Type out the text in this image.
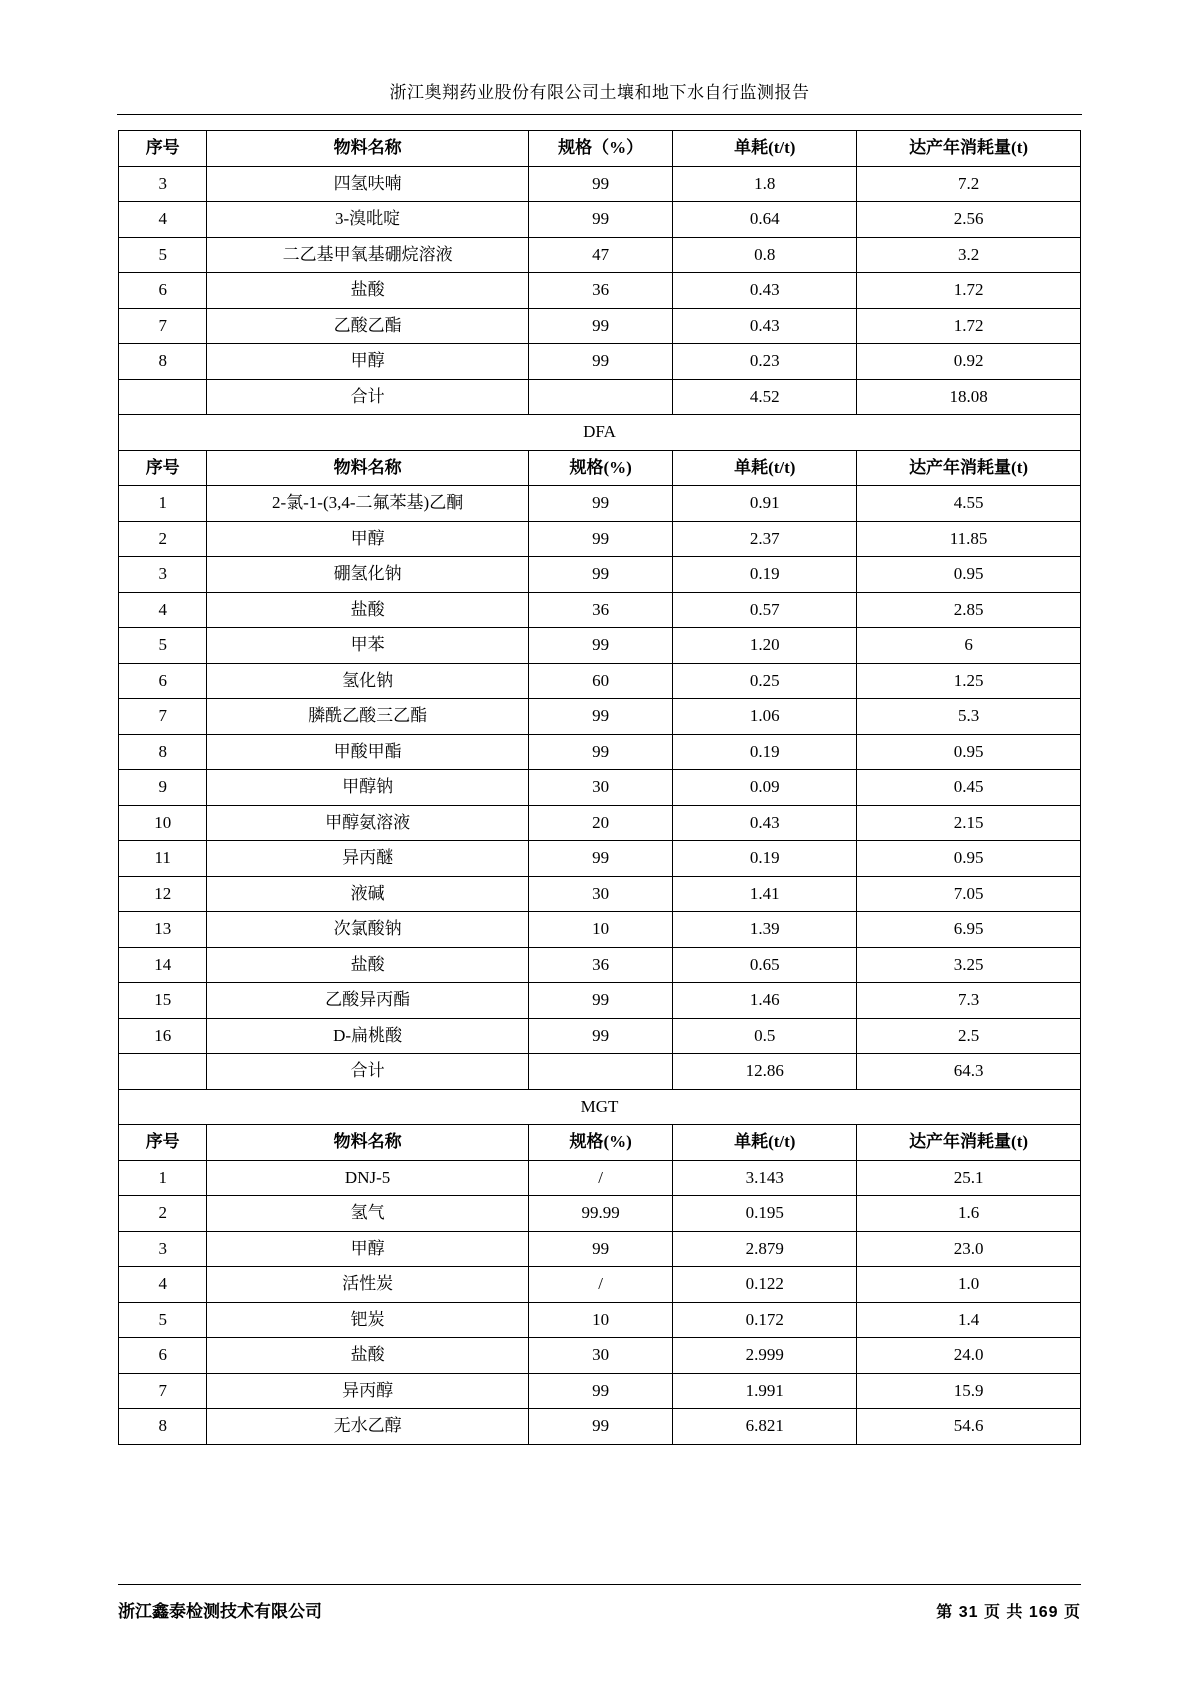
浙江奥翔药业股份有限公司土壤和地下水自行监测报告
序号	物料名称	规格（%）	单耗(t/t)	达产年消耗量(t)
3	四氢呋喃	99	1.8	7.2
4	3-溴吡啶	99	0.64	2.56
5	二乙基甲氧基硼烷溶液	47	0.8	3.2
6	盐酸	36	0.43	1.72
7	乙酸乙酯	99	0.43	1.72
8	甲醇	99	0.23	0.92
	合计		4.52	18.08
DFA				
序号	物料名称	规格(%)	单耗(t/t)	达产年消耗量(t)
1	2-氯-1-(3,4-二氟苯基)乙酮	99	0.91	4.55
2	甲醇	99	2.37	11.85
3	硼氢化钠	99	0.19	0.95
4	盐酸	36	0.57	2.85
5	甲苯	99	1.20	6
6	氢化钠	60	0.25	1.25
7	膦酰乙酸三乙酯	99	1.06	5.3
8	甲酸甲酯	99	0.19	0.95
9	甲醇钠	30	0.09	0.45
10	甲醇氨溶液	20	0.43	2.15
11	异丙醚	99	0.19	0.95
12	液碱	30	1.41	7.05
13	次氯酸钠	10	1.39	6.95
14	盐酸	36	0.65	3.25
15	乙酸异丙酯	99	1.46	7.3
16	D-扁桃酸	99	0.5	2.5
	合计		12.86	64.3
MGT				
序号	物料名称	规格(%)	单耗(t/t)	达产年消耗量(t)
1	DNJ-5	/	3.143	25.1
2	氢气	99.99	0.195	1.6
3	甲醇	99	2.879	23.0
4	活性炭	/	0.122	1.0
5	钯炭	10	0.172	1.4
6	盐酸	30	2.999	24.0
7	异丙醇	99	1.991	15.9
8	无水乙醇	99	6.821	54.6
浙江鑫泰检测技术有限公司	第 31 页 共 169 页
